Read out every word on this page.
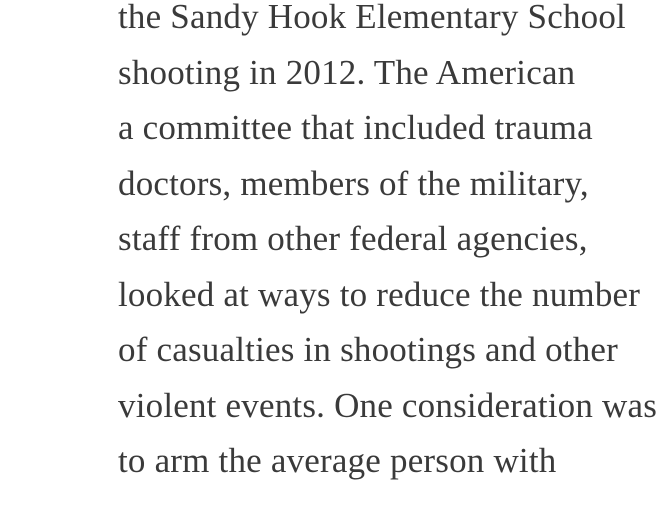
the Sandy Hook Elementary School
shooting in 2012. The American
a committee that included trauma
doctors, members of the military,
staff from other federal agencies,
looked at ways to reduce the number
of casualties in shootings and other
violent events. One consideration was
to arm the average person with
